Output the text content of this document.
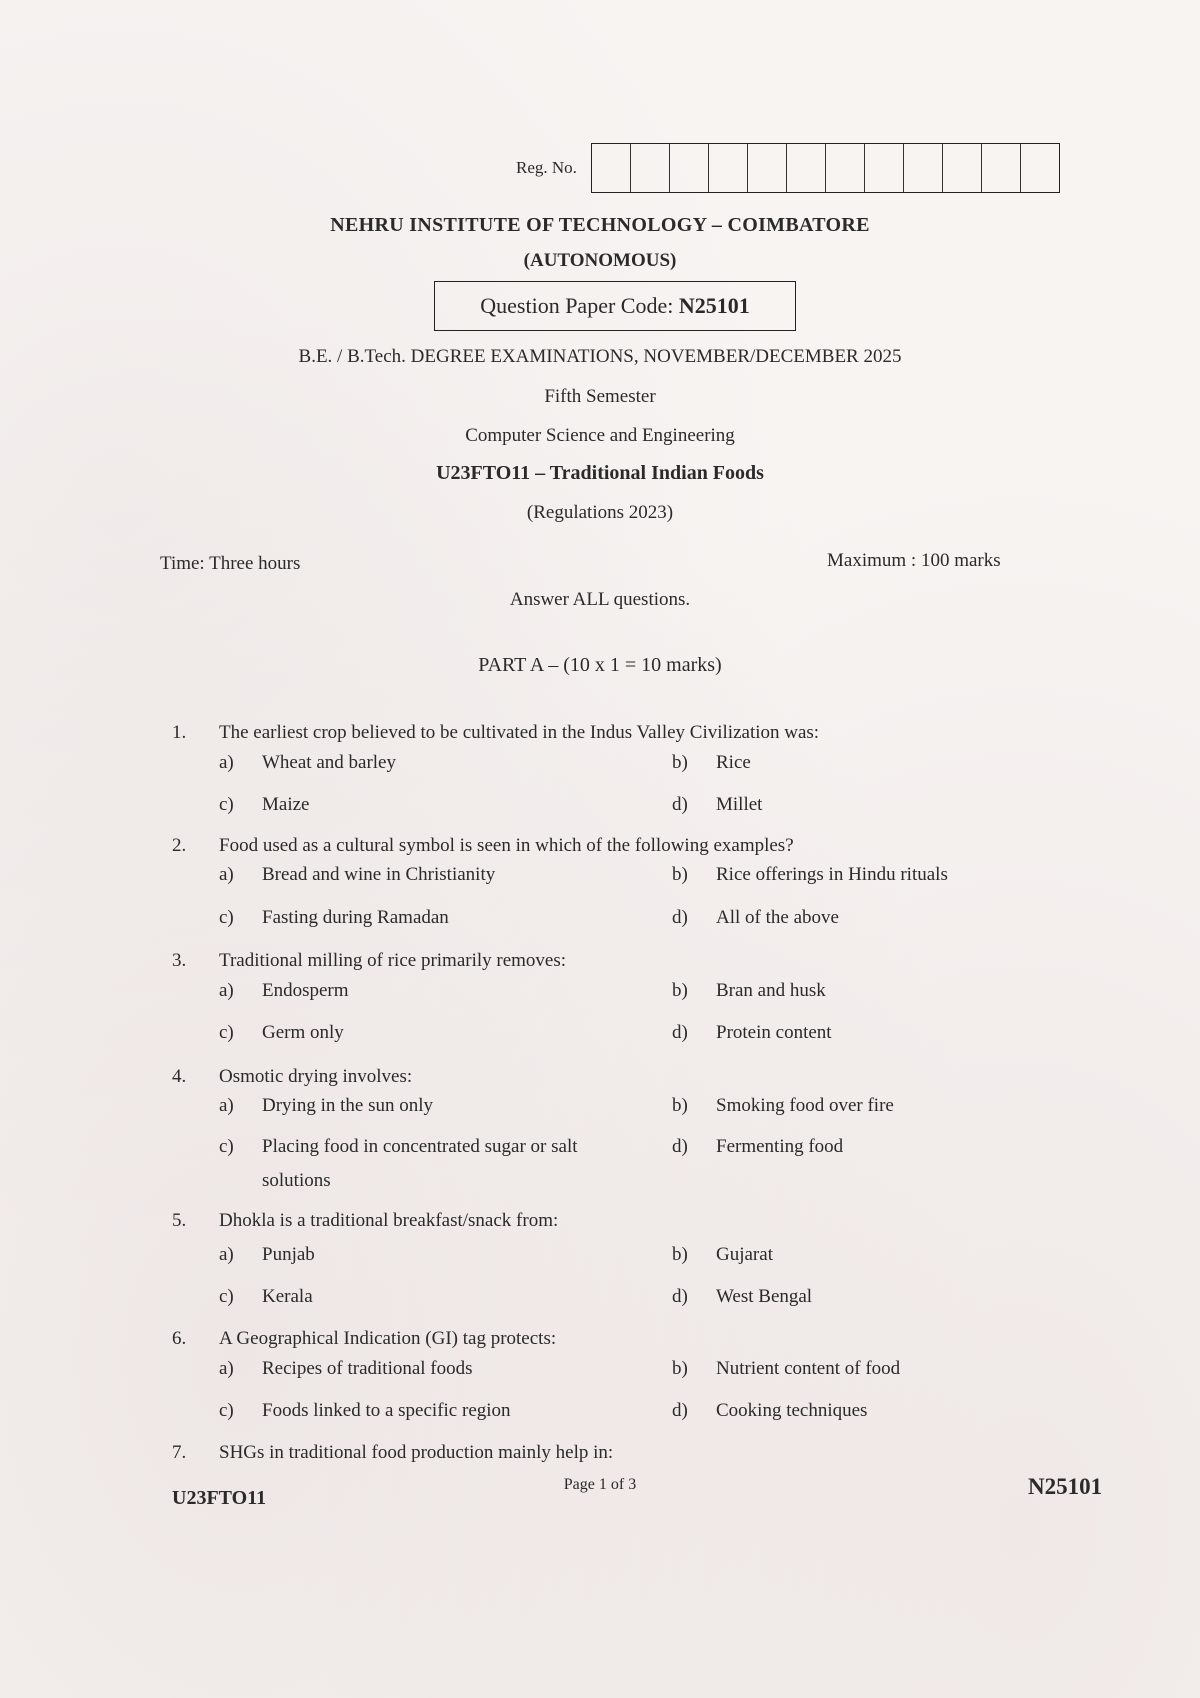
Reg. No.
NEHRU INSTITUTE OF TECHNOLOGY – COIMBATORE
(AUTONOMOUS)
Question Paper Code: N25101
B.E. / B.Tech. DEGREE EXAMINATIONS, NOVEMBER/DECEMBER 2025
Fifth Semester
Computer Science and Engineering
U23FTO11 – Traditional Indian Foods
(Regulations 2023)
Time: Three hours	Maximum : 100 marks
Answer ALL questions.
PART A – (10 x 1 = 10 marks)
1.	The earliest crop believed to be cultivated in the Indus Valley Civilization was:
a) Wheat and barley	b) Rice
c) Maize	d) Millet
2.	Food used as a cultural symbol is seen in which of the following examples?
a) Bread and wine in Christianity	b) Rice offerings in Hindu rituals
c) Fasting during Ramadan	d) All of the above
3.	Traditional milling of rice primarily removes:
a) Endosperm	b) Bran and husk
c) Germ only	d) Protein content
4.	Osmotic drying involves:
a) Drying in the sun only	b) Smoking food over fire
c) Placing food in concentrated sugar or salt	d) Fermenting food
solutions
5.	Dhokla is a traditional breakfast/snack from:
a) Punjab	b) Gujarat
c) Kerala	d) West Bengal
6.	A Geographical Indication (GI) tag protects:
a) Recipes of traditional foods	b) Nutrient content of food
c) Foods linked to a specific region	d) Cooking techniques
7.	SHGs in traditional food production mainly help in:
U23FTO11
Page 1 of 3	N25101
